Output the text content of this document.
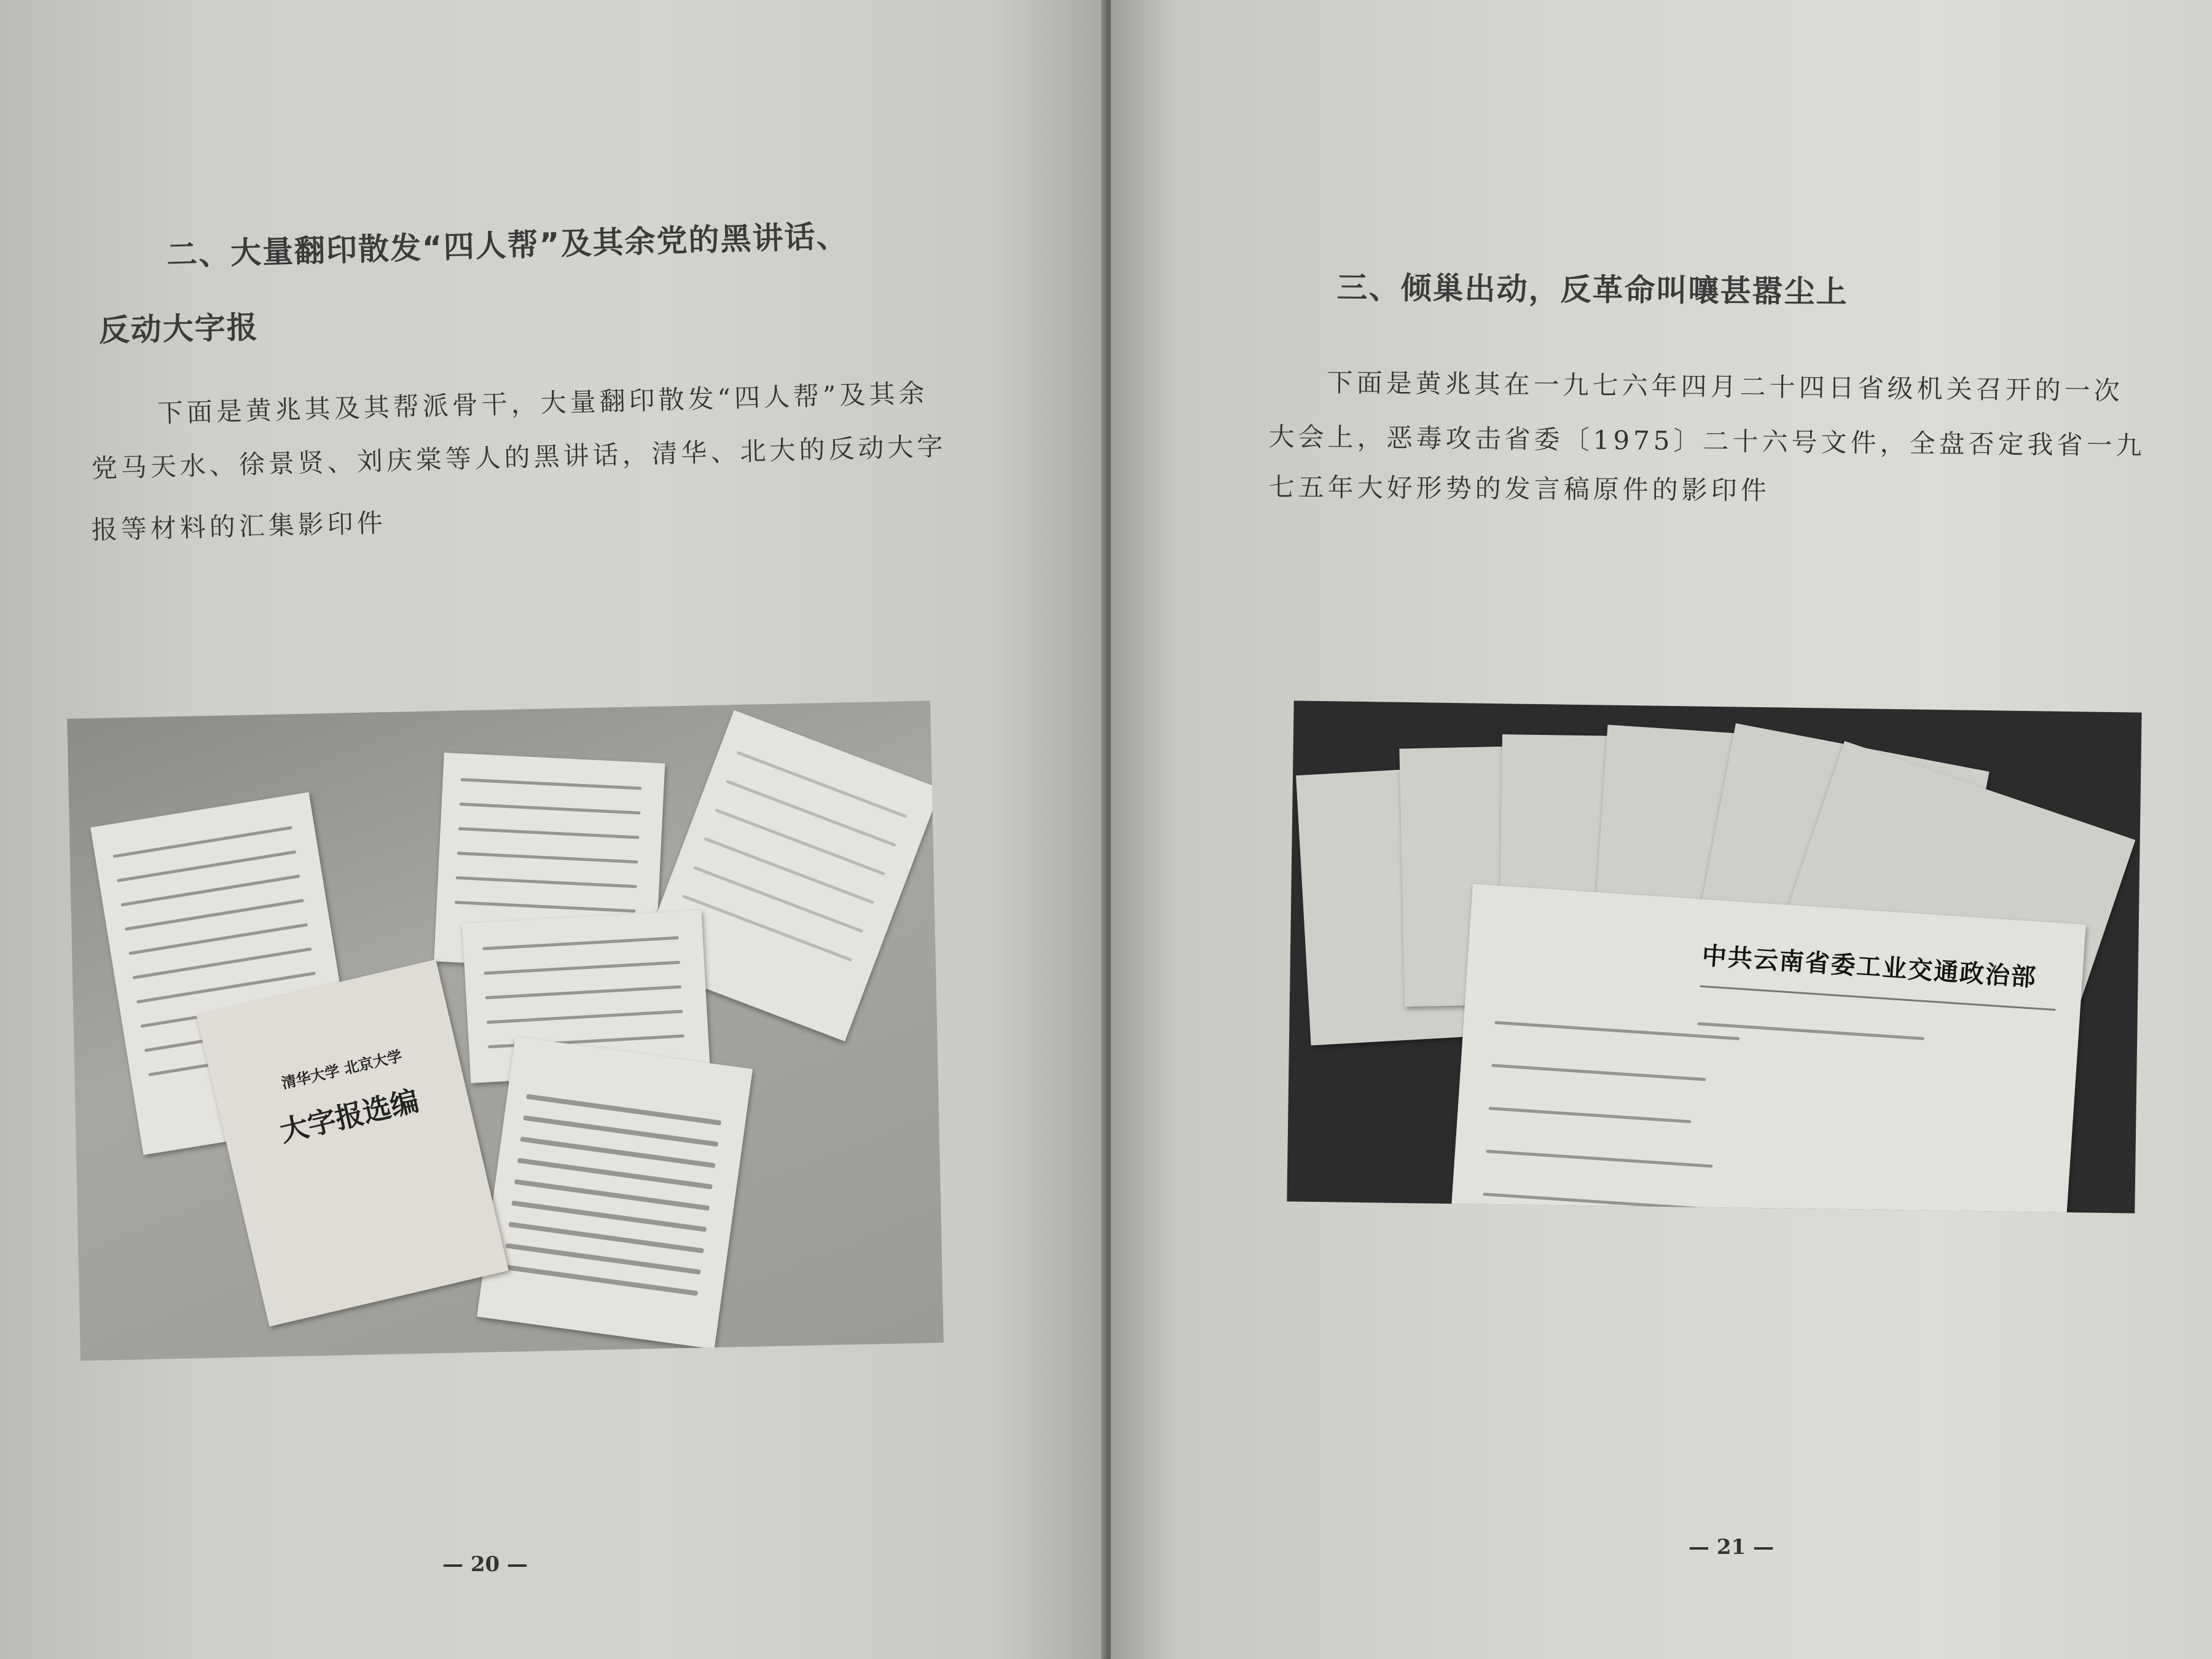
二、大量翻印散发“四人帮”及其余党的黑讲话、
反动大字报
下面是黄兆其及其帮派骨干，大量翻印散发“四人帮”及其余
党马天水、徐景贤、刘庆棠等人的黑讲话，清华、北大的反动大字
报等材料的汇集影印件
清华大学 北京大学
大字报选编
— 20 —
三、倾巢出动，反革命叫嚷甚嚣尘上
下面是黄兆其在一九七六年四月二十四日省级机关召开的一次
大会上，恶毒攻击省委〔1975〕二十六号文件，全盘否定我省一九
七五年大好形势的发言稿原件的影印件
中共云南省委工业交通政治部
— 21 —
